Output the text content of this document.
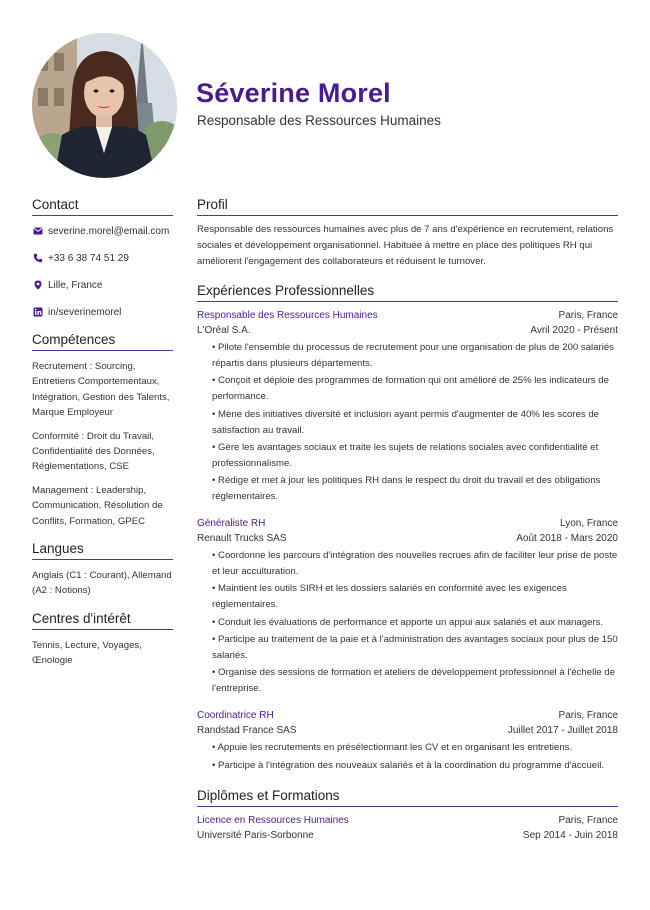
Séverine Morel
Responsable des Ressources Humaines
Contact
severine.morel@email.com
+33 6 38 74 51 29
Lille, France
in/severinemorel
Compétences

Recrutement : Sourcing, Entretiens Comportementaux, Intégration, Gestion des Talents, Marque Employeur

Conformité : Droit du Travail, Confidentialité des Données, Réglementations, CSE

Management : Leadership, Communication, Résolution de Conflits, Formation, GPEC

Langues

Anglais (C1 : Courant), Allemand (A2 : Notions)

Centres d'intérêt

Tennis, Lecture, Voyages, Œnologie

Profil

Responsable des ressources humaines avec plus de 7 ans d'expérience en recrutement, relations sociales et développement organisationnel. Habituée à mettre en place des politiques RH qui améliorent l'engagement des collaborateurs et réduisent le turnover.

Expériences Professionnelles
Responsable des Ressources Humaines	Paris, France
L'Oréal S.A.	Avril 2020 - Présent
• Pilote l'ensemble du processus de recrutement pour une organisation de plus de 200 salariés répartis dans plusieurs départements.
• Conçoit et déploie des programmes de formation qui ont amélioré de 25% les indicateurs de performance.
• Mène des initiatives diversité et inclusion ayant permis d'augmenter de 40% les scores de satisfaction au travail.
• Gère les avantages sociaux et traite les sujets de relations sociales avec confidentialité et professionnalisme.
• Rédige et met à jour les politiques RH dans le respect du droit du travail et des obligations réglementaires.
Généraliste RH	Lyon, France
Renault Trucks SAS	Août 2018 - Mars 2020
• Coordonne les parcours d'intégration des nouvelles recrues afin de faciliter leur prise de poste et leur acculturation.
• Maintient les outils SIRH et les dossiers salariés en conformité avec les exigences réglementaires.
• Conduit les évaluations de performance et apporte un appui aux salariés et aux managers.
• Participe au traitement de la paie et à l'administration des avantages sociaux pour plus de 150 salariés.
• Organise des sessions de formation et ateliers de développement professionnel à l'échelle de l'entreprise.
Coordinatrice RH	Paris, France
Randstad France SAS	Juillet 2017 - Juillet 2018
• Appuie les recrutements en présélectionnant les CV et en organisant les entretiens.
• Participe à l'intégration des nouveaux salariés et à la coordination du programme d'accueil.
Diplômes et Formations
Licence en Ressources Humaines	Paris, France
Université Paris-Sorbonne	Sep 2014 - Juin 2018
